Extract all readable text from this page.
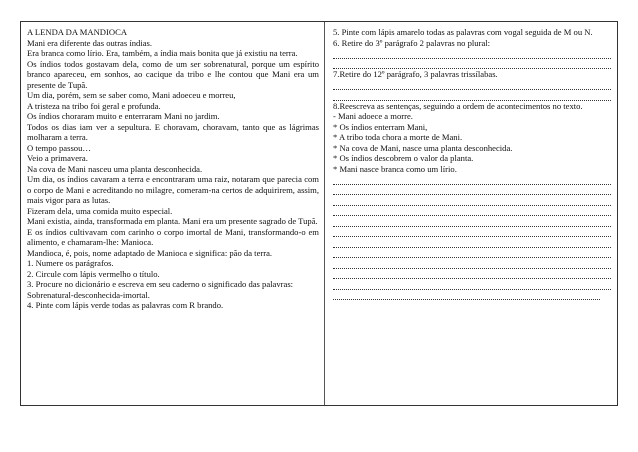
A LENDA DA MANDIOCA

Mani era diferente das outras índias.

Era branca como lírio. Era, também, a índia mais bonita que já existiu na terra.

Os índios todos gostavam dela, como de um ser sobrenatural, porque um espírito branco apareceu, em sonhos, ao cacique da tribo e lhe contou que Mani era um presente de Tupã.

Um dia, porém, sem se saber como, Mani adoeceu e morreu,

A tristeza na tribo foi geral e profunda.

Os índios choraram muito e enterraram Mani no jardim.

Todos os dias iam ver a sepultura. E choravam, choravam, tanto que as lágrimas molharam a terra.

O tempo passou…

Veio a primavera.

Na cova de Mani nasceu uma planta desconhecida.

Um dia, os índios cavaram a terra e encontraram uma raiz, notaram que parecia com o corpo de Mani e acreditando no milagre, comeram-na certos de adquirirem, assim, mais vigor para as lutas.

Fizeram dela, uma comida muito especial.

Mani existia, ainda, transformada em planta. Mani era um presente sagrado de Tupã.

E os índios cultivavam com carinho o corpo imortal de Mani, transformando-o em alimento, e chamaram-lhe: Manioca.

Mandioca, é, pois, nome adaptado de Manioca e significa: pão da terra.

1. Numere os parágrafos.

2. Circule com lápis vermelho o título.

3. Procure no dicionário e escreva em seu caderno o significado das palavras:

Sobrenatural-desconhecida-imortal.

4. Pinte com lápis verde todas as palavras com R brando.

5. Pinte com lápis amarelo todas as palavras com vogal seguida de M ou N.

6. Retire do 3º parágrafo 2 palavras no plural:

7.Retire do 12º parágrafo, 3 palavras trissílabas.

8.Reescreva as sentenças, seguindo a ordem de acontecimentos no texto.

- Mani adoece a morre.

* Os índios enterram Mani,

* A tribo toda chora a morte de Mani.

* Na cova de Mani, nasce uma planta desconhecida.

* Os índios descobrem o valor da planta.

* Mani nasce branca como um lírio.
